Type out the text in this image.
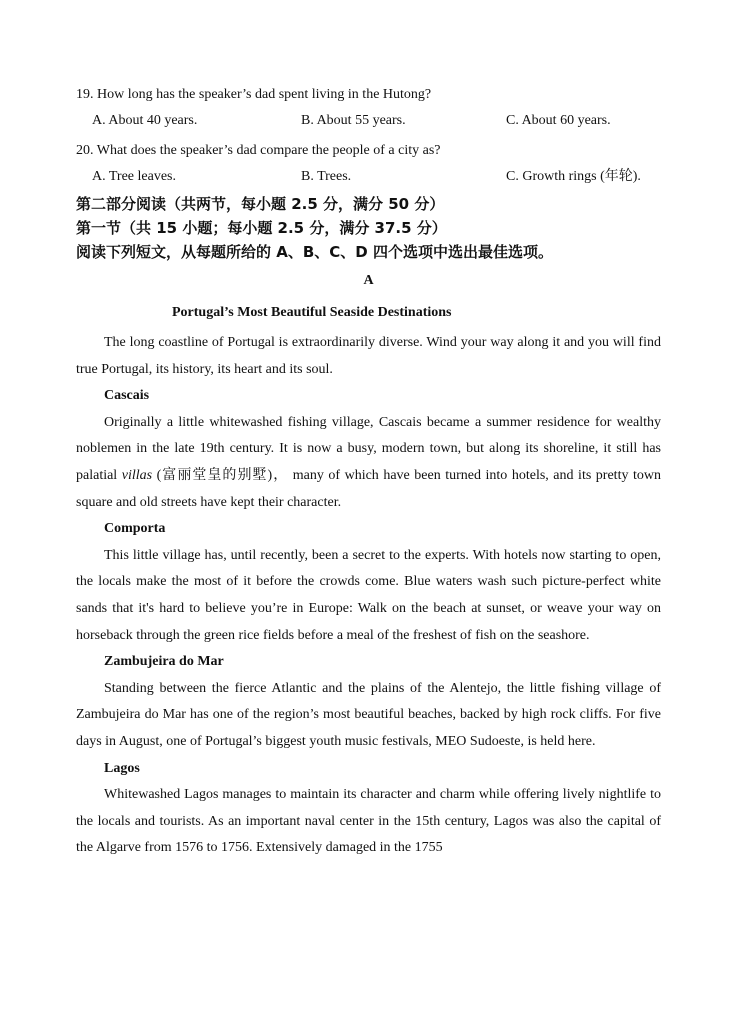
19. How long has the speaker’s dad spent living in the Hutong?

A. About 40 years.	B. About 55 years.	C. About 60 years.

20. What does the speaker’s dad compare the people of a city as?

A. Tree leaves.	B. Trees.	C. Growth rings (年轮).

第二部分阅读（共两节，每小题 2.5 分，满分 50 分）

第一节（共 15 小题；每小题 2.5 分，满分 37.5 分）

阅读下列短文，从每题所给的 A、B、C、D 四个选项中选出最佳选项。

A
Portugal’s Most Beautiful Seaside Destinations

The long coastline of Portugal is extraordinarily diverse. Wind your way along it and you will find true Portugal, its history, its heart and its soul.

Cascais

Originally a little whitewashed fishing village, Cascais became a summer residence for wealthy noblemen in the late 19th century. It is now a busy, modern town, but along its shoreline, it still has palatial villas (富丽堂皇的别墅)， many of which have been turned into hotels, and its pretty town square and old streets have kept their character.

Comporta

This little village has, until recently, been a secret to the experts. With hotels now starting to open, the locals make the most of it before the crowds come. Blue waters wash such picture-perfect white sands that it's hard to believe you’re in Europe: Walk on the beach at sunset, or weave your way on horseback through the green rice fields before a meal of the freshest of fish on the seashore.

Zambujeira do Mar

Standing between the fierce Atlantic and the plains of the Alentejo, the little fishing village of Zambujeira do Mar has one of the region’s most beautiful beaches, backed by high rock cliffs. For five days in August, one of Portugal’s biggest youth music festivals, MEO Sudoeste, is held here.

Lagos

Whitewashed Lagos manages to maintain its character and charm while offering lively nightlife to the locals and tourists. As an important naval center in the 15th century, Lagos was also the capital of the Algarve from 1576 to 1756. Extensively damaged in the 1755
